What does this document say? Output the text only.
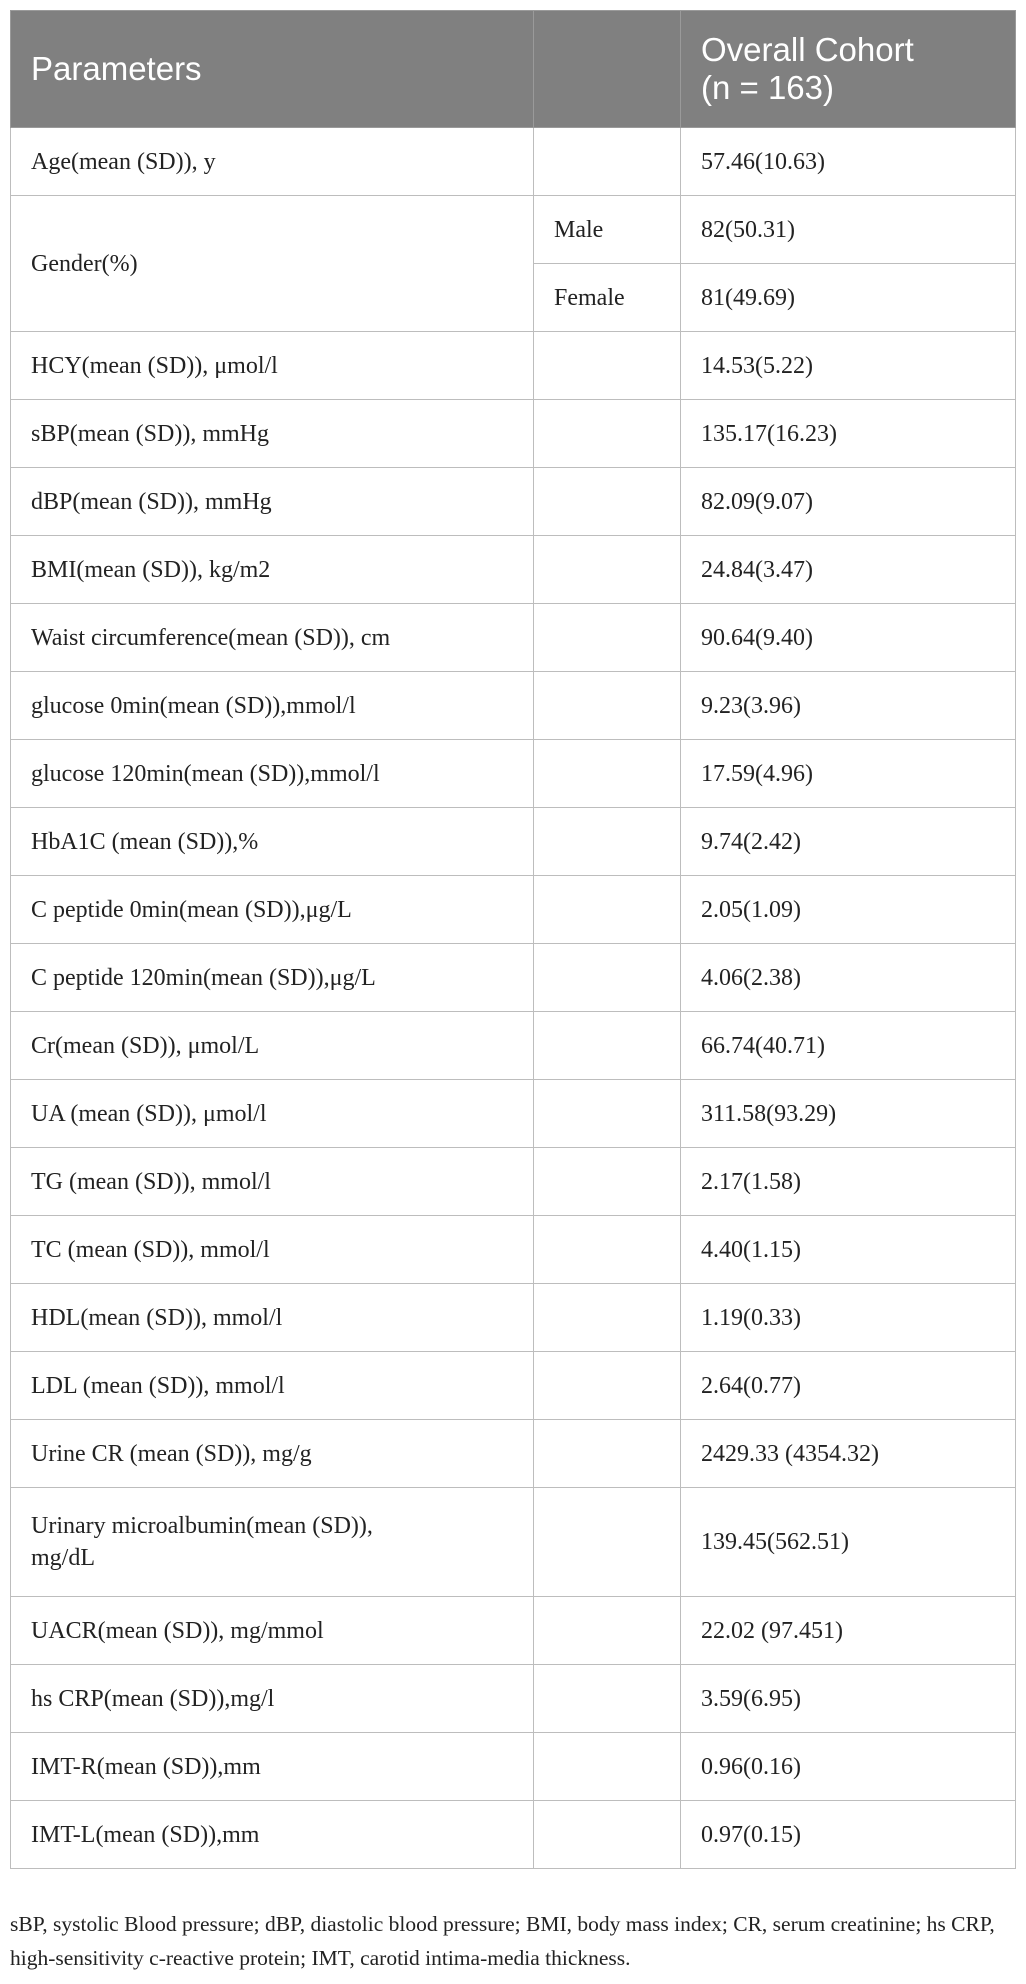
Parameters		Overall Cohort
(n = 163)
Age(mean (SD)), y		57.46(10.63)
Gender(%)	Male	82(50.31)
	Female	81(49.69)
HCY(mean (SD)), μmol/l		14.53(5.22)
sBP(mean (SD)), mmHg		135.17(16.23)
dBP(mean (SD)), mmHg		82.09(9.07)
BMI(mean (SD)), kg/m2		24.84(3.47)
Waist circumference(mean (SD)), cm		90.64(9.40)
glucose 0min(mean (SD)),mmol/l		9.23(3.96)
glucose 120min(mean (SD)),mmol/l		17.59(4.96)
HbA1C (mean (SD)),%		9.74(2.42)
C peptide 0min(mean (SD)),μg/L		2.05(1.09)
C peptide 120min(mean (SD)),μg/L		4.06(2.38)
Cr(mean (SD)), μmol/L		66.74(40.71)
UA (mean (SD)), μmol/l		311.58(93.29)
TG (mean (SD)), mmol/l		2.17(1.58)
TC (mean (SD)), mmol/l		4.40(1.15)
HDL(mean (SD)), mmol/l		1.19(0.33)
LDL (mean (SD)), mmol/l		2.64(0.77)
Urine CR (mean (SD)), mg/g		2429.33 (4354.32)
Urinary microalbumin(mean (SD)),
mg/dL		139.45(562.51)
UACR(mean (SD)), mg/mmol		22.02 (97.451)
hs CRP(mean (SD)),mg/l		3.59(6.95)
IMT-R(mean (SD)),mm		0.96(0.16)
IMT-L(mean (SD)),mm		0.97(0.15)
sBP, systolic Blood pressure; dBP, diastolic blood pressure; BMI, body mass index; CR, serum creatinine; hs CRP, high-sensitivity c-reactive protein; IMT, carotid intima-media thickness.
